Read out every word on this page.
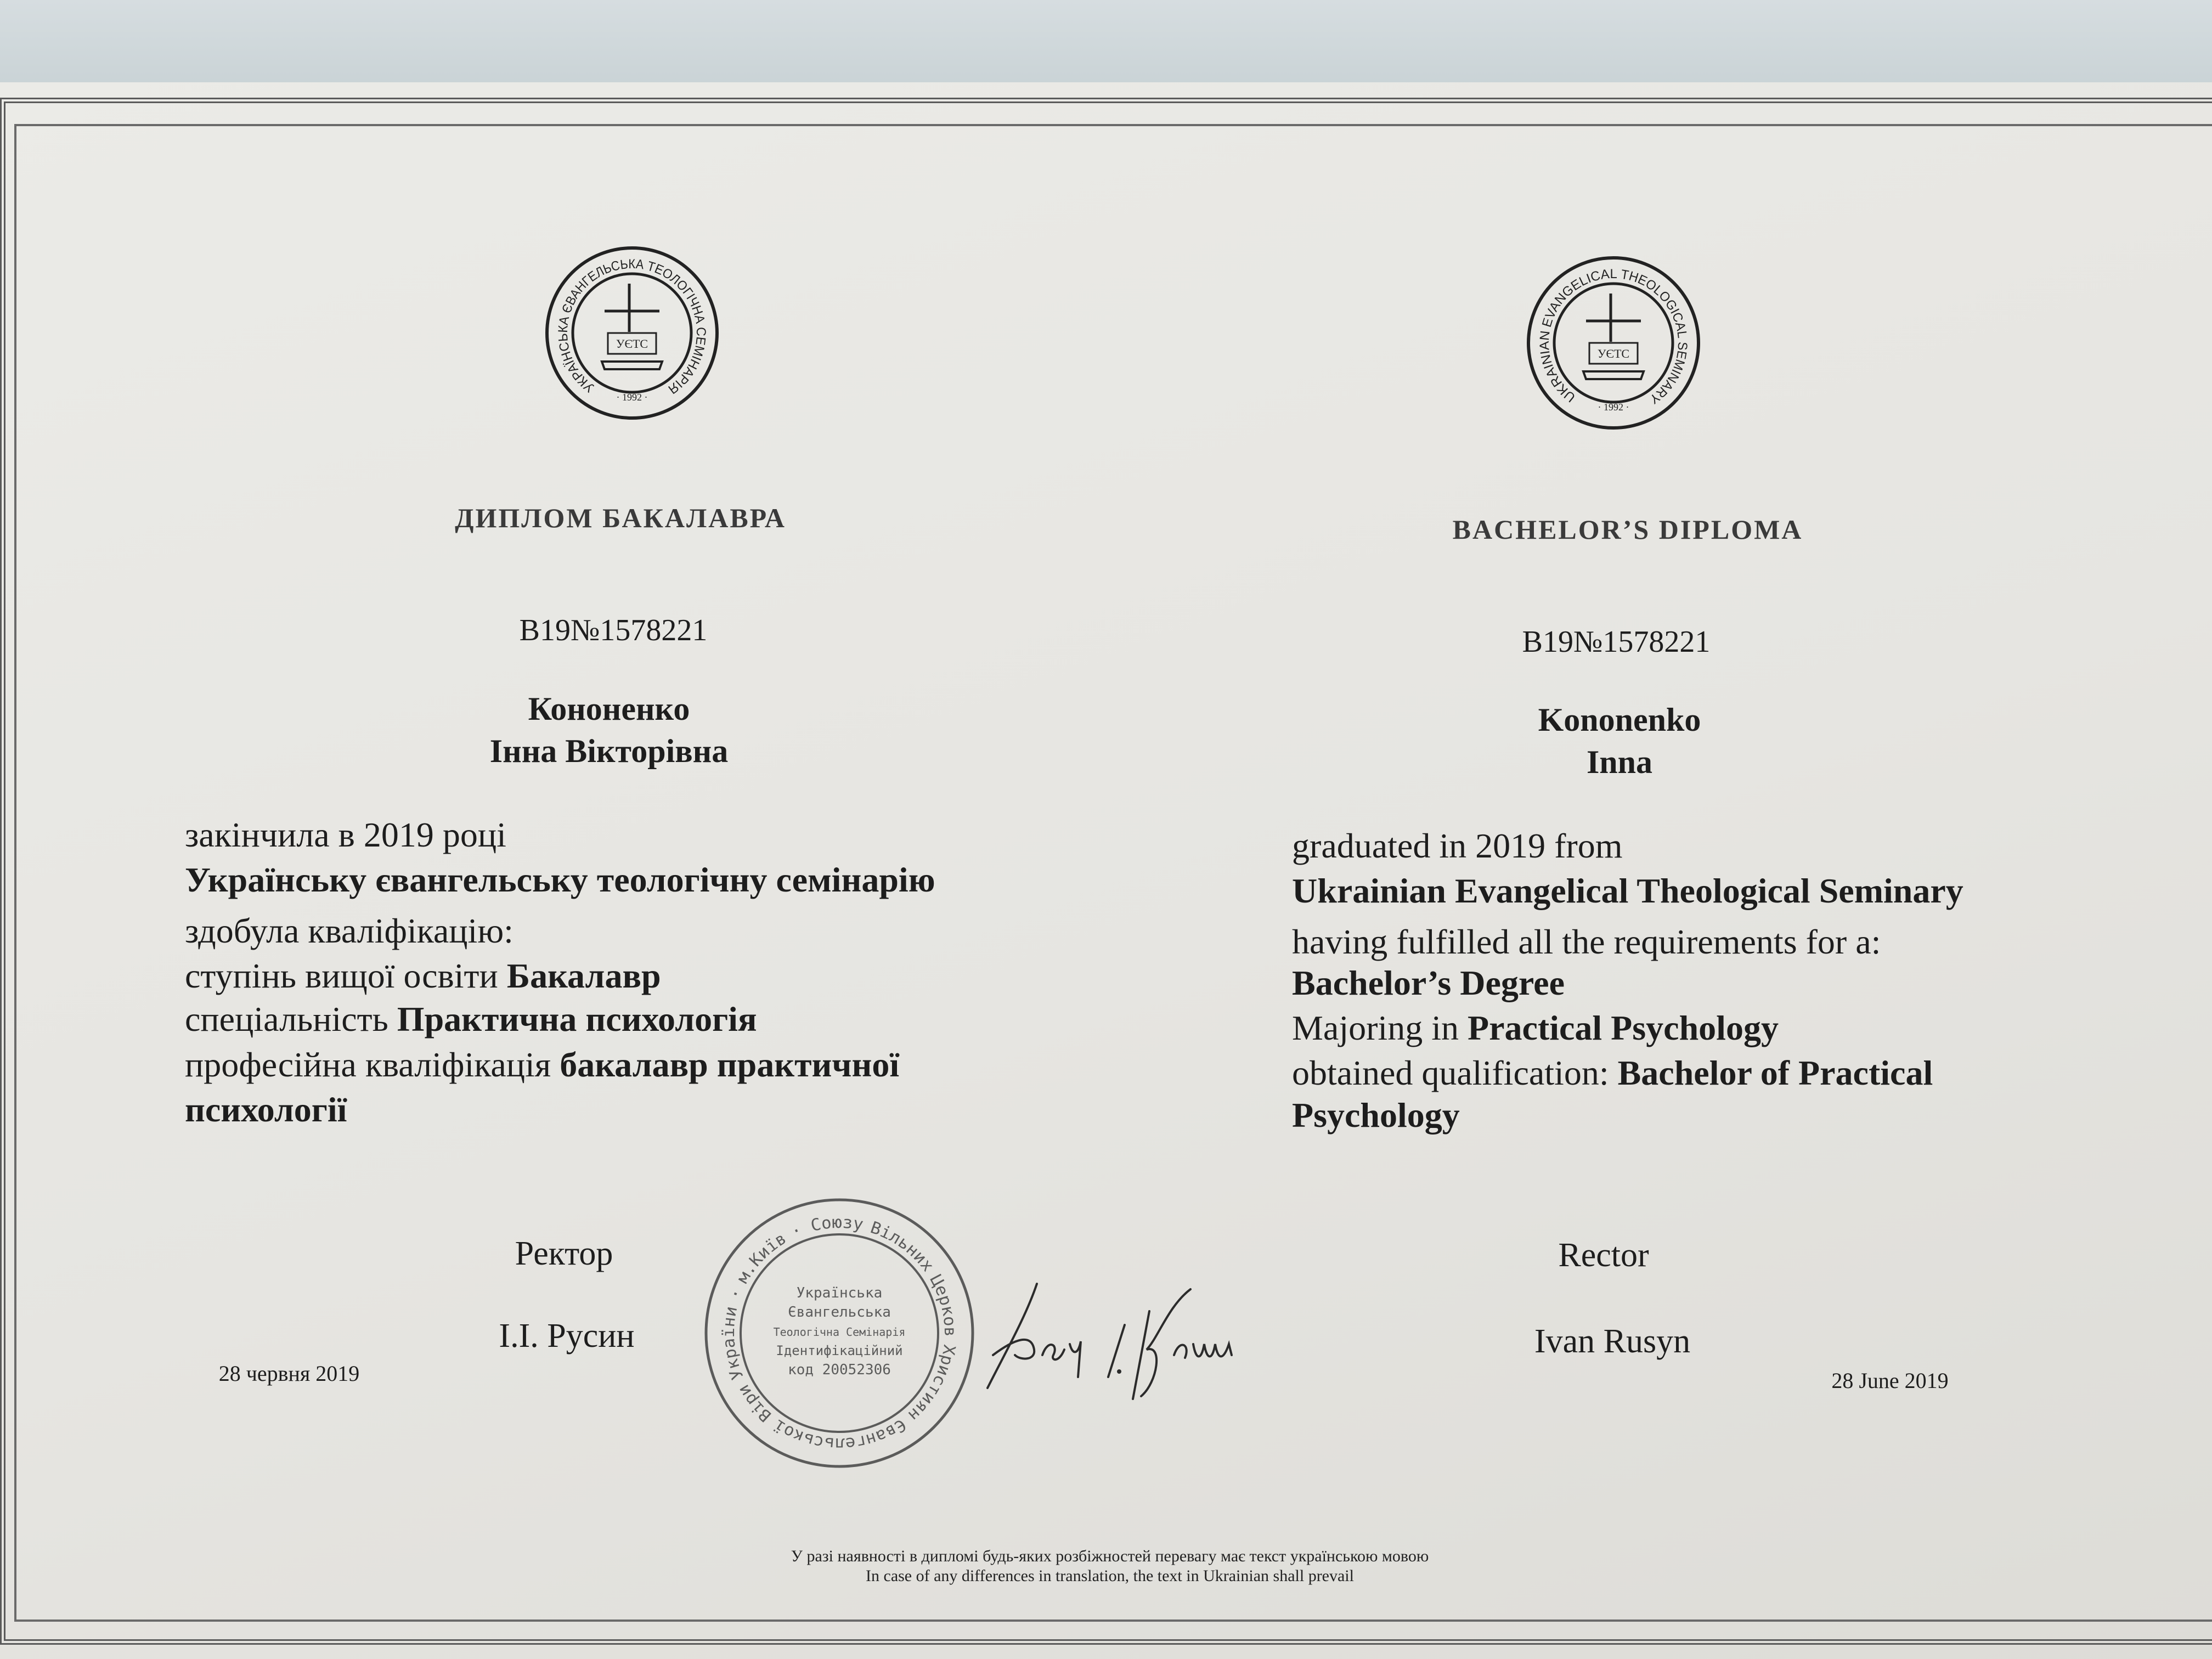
УКРАЇНСЬКА
ЄВАНГЕЛЬСЬКА ТЕОЛОГІЧНА
СЕМІНАРІЯ
УЄТС
· 1992 ·	UKRAINIAN
EVANGELICAL THEOLOGICAL
SEMINARY
УЄТС
· 1992 ·
ДИПЛОМ БАКАЛАВРА
B19№1578221
Кононенко
Інна Вікторівна
закінчила в 2019 році
Українську євангельську теологічну семінарію
здобула кваліфікацію:
ступінь вищої освіти Бакалавр
спеціальність Практична психологія
професійна кваліфікація бакалавр практичної
психології
Ректор
І.І. Русин
28 червня 2019
BACHELOR’S DIPLOMA
B19№1578221
Kononenko
Inna
graduated in 2019 from
Ukrainian Evangelical Theological Seminary
having fulfilled all the requirements for a:
Bachelor’s Degree
Majoring in Practical Psychology
obtained qualification: Bachelor of Practical
Psychology
Rector
Ivan Rusyn
28 June 2019
Союзу Вільних
Церков
Християн
Євангельської
Віри
України
·
м.Київ
·
Українська
Євангельська
Теологічна Семінарія
Ідентифікаційний
код 20052306
У разі наявності в дипломі будь-яких розбіжностей перевагу має текст українською мовою
In case of any differences in translation, the text in Ukrainian shall prevail
